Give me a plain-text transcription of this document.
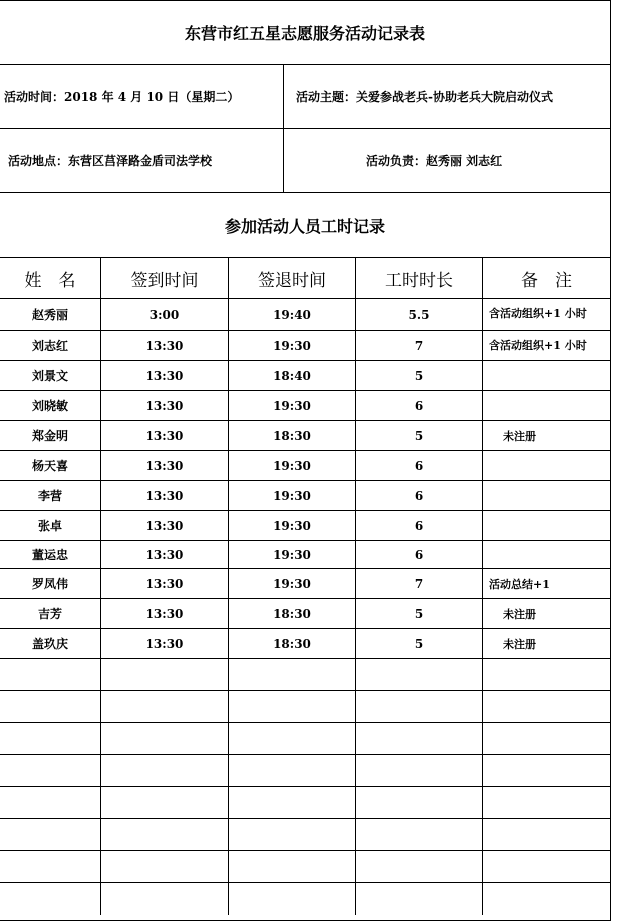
东营市红五星志愿服务活动记录表
活动时间：2018 年 4 月 10 日（星期二）	活动主题：关爱参战老兵-协助老兵大院启动仪式
活动地点：东营区莒泽路金盾司法学校	活动负责：赵秀丽 刘志红
参加活动人员工时记录
姓　名	签到时间	签退时间	工时时长	备　注
赵秀丽	3:00	19:40	5.5	含活动组织+1 小时
刘志红	13:30	19:30	7	含活动组织+1 小时
刘景文	13:30	18:40	5
刘晓敏	13:30	19:30	6
郑金明	13:30	18:30	5	未注册
杨天喜	13:30	19:30	6
李营	13:30	19:30	6
张卓	13:30	19:30	6
董运忠	13:30	19:30	6
罗凤伟	13:30	19:30	7	活动总结+1
吉芳	13:30	18:30	5	未注册
盖玖庆	13:30	18:30	5	未注册
